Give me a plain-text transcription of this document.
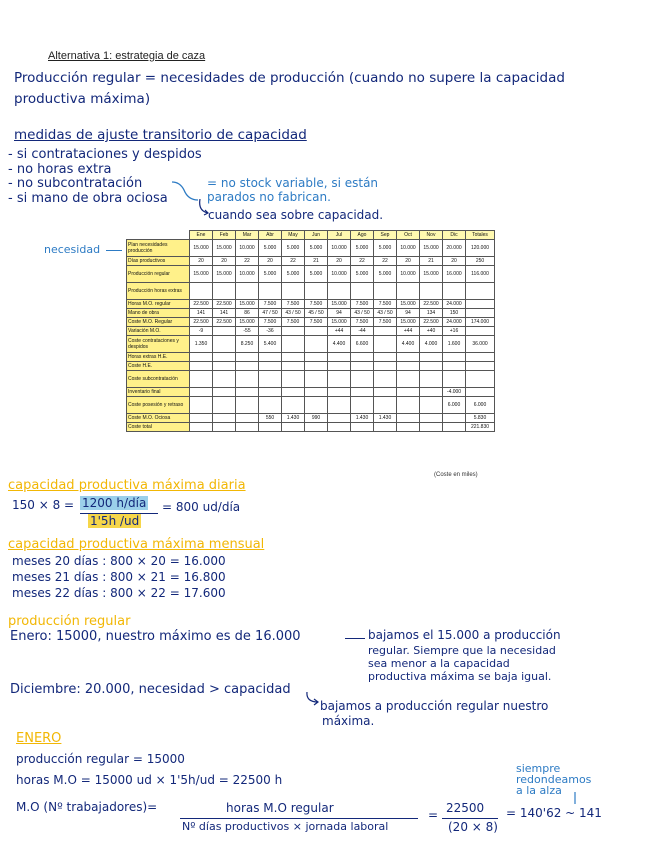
Alternativa 1: estrategia de caza
Producción regular = necesidades de producción (cuando no supere la capacidad
productiva máxima)
medidas de ajuste transitorio de capacidad
- si contrataciones y despidos
- no horas extra
- no subcontratación
- si mano de obra ociosa
= no stock variable, si están
parados no fabrican.
cuando sea sobre capacidad.
necesidad
	Ene	Feb	Mar	Abr	May	Jun	Jul	Ago	Sep	Oct	Nov	Dic	Totales
Plan necesidades producción	15.000	15.000	10.000	5.000	5.000	5.000	10.000	5.000	5.000	10.000	15.000	20.000	120.000
Días productivos	20	20	22	20	22	21	20	22	22	20	21	20	250
Producción regular	15.000	15.000	10.000	5.000	5.000	5.000	10.000	5.000	5.000	10.000	15.000	16.000	116.000
Producción horas extras													
Horas M.O. regular	22.500	22.500	15.000	7.500	7.500	7.500	15.000	7.500	7.500	15.000	22.500	24.000	
Mano de obra	141	141	86	47 / 50	43 / 50	45 / 50	94	43 / 50	43 / 50	94	134	150	
Coste M.O. Regular	22.500	22.500	15.000	7.500	7.500	7.500	15.000	7.500	7.500	15.000	22.500	24.000	174.000
Variación M.O.	-9		-55	-36			+44	-44		+44	+40	+16	
Coste contrataciones y despidos	1.350		8.250	5.400			4.400	6.600		4.400	4.000	1.600	36.000
Horas extras H.E.													
Coste H.E.													
Coste subcontratación													
Inventario final												-4.000	
Coste posesión y retraso												6.000	6.000
Coste M.O. Ociosa				550	1.430	990		1.430	1.430				5.830
Coste total													221.830
(Coste en miles)
capacidad productiva máxima diaria
150 × 8 = 1200 h/día
1'5h /ud
= 800 ud/día
capacidad productiva máxima mensual
meses 20 días : 800 × 20 = 16.000
meses 21 días : 800 × 21 = 16.800
meses 22 días : 800 × 22 = 17.600
producción regular
Enero: 15000, nuestro máximo es de 16.000	bajamos el 15.000 a producción
regular. Siempre que la necesidad
sea menor a la capacidad
productiva máxima se baja igual.
Diciembre: 20.000, necesidad > capacidad
bajamos a producción regular nuestro
máxima.
ENERO
producción regular = 15000
horas M.O = 15000 ud × 1'5h/ud = 22500 h
M.O (Nº trabajadores)=	horas M.O regular
Nº días productivos × jornada laboral
= 22500
(20 × 8)
= 140'62 ~ 141
siempre
redondeamos
a la alza
